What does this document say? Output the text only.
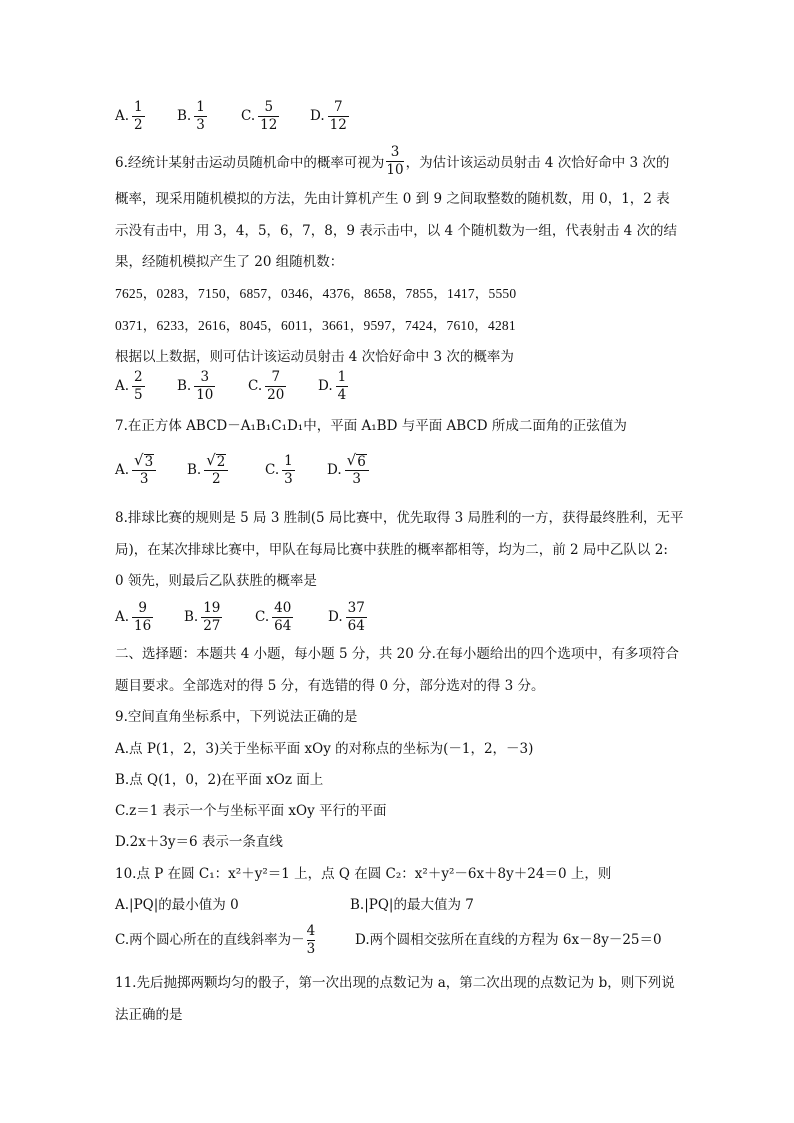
A. $\frac{1}{2} B$. $\frac{1}{3}$	C. $\frac{5}{12} D$. $\frac{7}{12}$
6.经统计某射击运动员随机命中的概率可视为 $\frac{3}{10}$ ，为估计该运动员射击 4 次恰好命中 3 次的
概率，现采用随机模拟的方法，先由计算机产生 0 到 9 之间取整数的随机数，用 0，1，2 表
示没有击中，用 3，4，5，6，7，8，9 表示击中，以 4 个随机数为一组，代表射击 4 次的结
果，经随机模拟产生了 20 组随机数：
7625，0283，7150，6857，0346，4376，8658，7855，1417，5550
0371，6233，2616，8045，6011，3661，9597，7424，7610，4281
根据以上数据，则可估计该运动员射击 4 次恰好命中 3 次的概率为
A. $\frac{2}{5} B$. $\frac{3}{10} C$. $\frac{7}{20} D$. $\frac{1}{4}$
7.在正方体 ABCD－A₁B₁C₁D₁中，平面 A₁BD 与平面 ABCD 所成二面角的正弦值为
A. $\frac{√ 3}{3} B$. $\frac{√ 2}{2}$	C. $\frac{1}{3} D$. $\frac{√ 6}{3}$
8.排球比赛的规则是 5 局 3 胜制(5 局比赛中，优先取得 3 局胜利的一方，获得最终胜利，无平
局)，在某次排球比赛中，甲队在每局比赛中获胜的概率都相等，均为二，前 2 局中乙队以 2:
0 领先，则最后乙队获胜的概率是
A. $\frac{9}{16} B$. $\frac{19}{27} C$. $\frac{40}{64}$	D. $\frac{37}{64}$
二、选择题：本题共 4 小题，每小题 5 分，共 20 分.在每小题给出的四个选项中，有多项符合
题目要求。全部选对的得 5 分，有选错的得 0 分，部分选对的得 3 分。
9.空间直角坐标系中，下列说法正确的是
A.点 P(1，2，3)关于坐标平面 xOy 的对称点的坐标为(－1，2，－3)
B.点 Q(1，0，2)在平面 xOz 面上
C.z＝1 表示一个与坐标平面 xOy 平行的平面
D.2x＋3y＝6 表示一条直线
10.点 P 在圆 C₁：x²＋y²＝1 上，点 Q 在圆 C₂：x²＋y²－6x＋8y＋24＝0 上，则
A.|PQ|的最小值为 0	B.|PQ|的最大值为 7
C.两个圆心所在的直线斜率为－ $\frac{4}{3}$	D.两个圆相交弦所在直线的方程为 6x－8y－25＝0
11.先后抛掷两颗均匀的骰子，第一次出现的点数记为 a，第二次出现的点数记为 b，则下列说
法正确的是
